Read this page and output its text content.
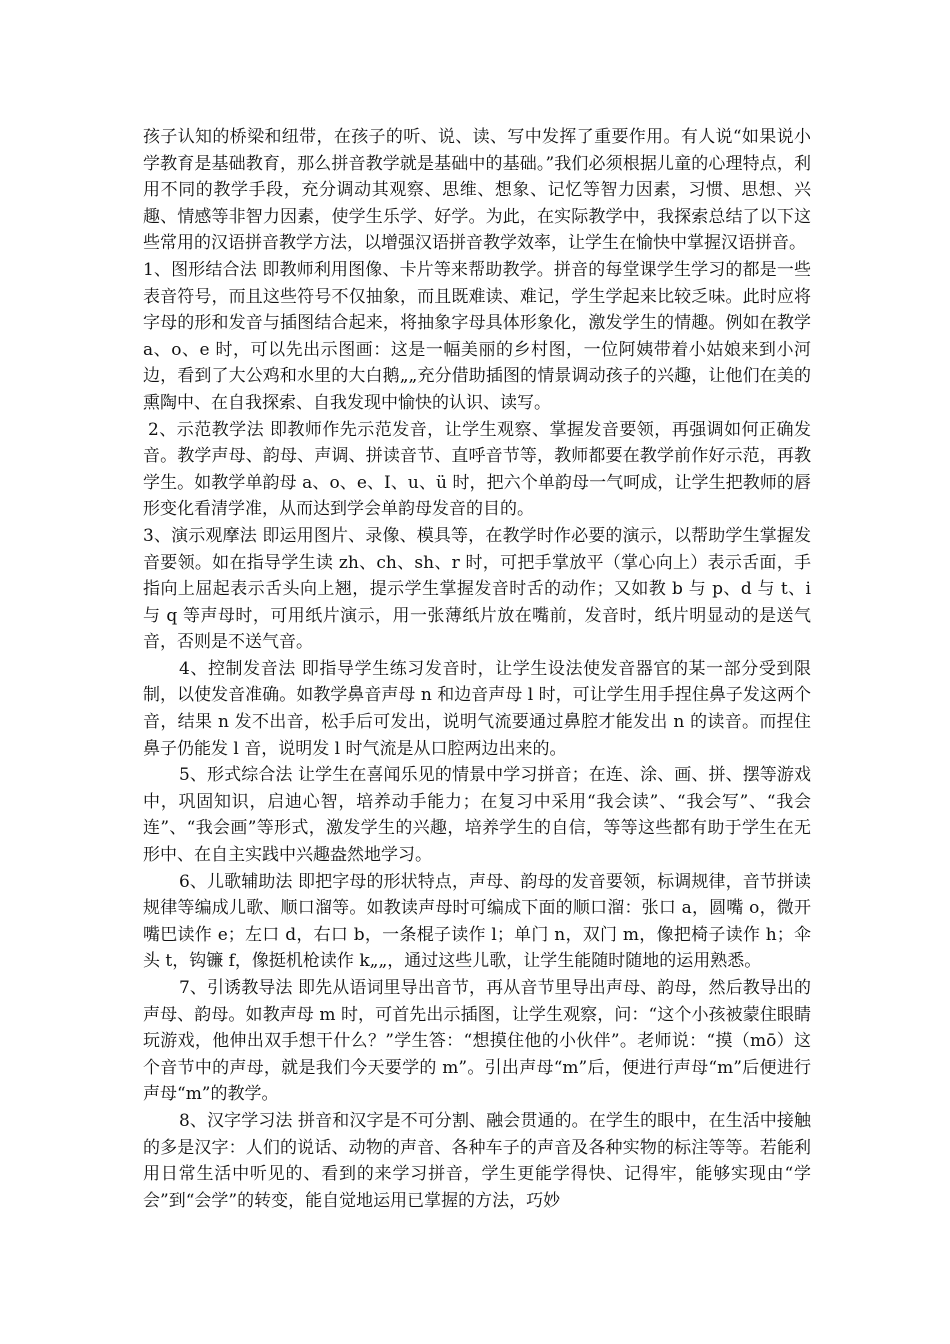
孩子认知的桥梁和纽带，在孩子的听、说、读、写中发挥了重要作用。有人说“如果说小学教育是基础教育，那么拼音教学就是基础中的基础。”我们必须根据儿童的心理特点，利用不同的教学手段，充分调动其观察、思维、想象、记忆等智力因素，习惯、思想、兴趣、情感等非智力因素，使学生乐学、好学。为此，在实际教学中，我探索总结了以下这些常用的汉语拼音教学方法，以增强汉语拼音教学效率，让学生在愉快中掌握汉语拼音。

1、图形结合法 即教师利用图像、卡片等来帮助教学。拼音的每堂课学生学习的都是一些表音符号，而且这些符号不仅抽象，而且既难读、难记，学生学起来比较乏味。此时应将字母的形和发音与插图结合起来，将抽象字母具体形象化，激发学生的情趣。例如在教学 a、o、e 时，可以先出示图画：这是一幅美丽的乡村图，一位阿姨带着小姑娘来到小河边，看到了大公鸡和水里的大白鹅„„充分借助插图的情景调动孩子的兴趣，让他们在美的熏陶中、在自我探索、自我发现中愉快的认识、读写。

2、示范教学法 即教师作先示范发音，让学生观察、掌握发音要领，再强调如何正确发音。教学声母、韵母、声调、拼读音节、直呼音节等，教师都要在教学前作好示范，再教学生。如教学单韵母 a、o、e、I、u、ü 时，把六个单韵母一气呵成，让学生把教师的唇形变化看清学准，从而达到学会单韵母发音的目的。

3、演示观摩法 即运用图片、录像、模具等，在教学时作必要的演示，以帮助学生掌握发音要领。如在指导学生读 zh、ch、sh、r 时，可把手掌放平（掌心向上）表示舌面，手指向上屈起表示舌头向上翘，提示学生掌握发音时舌的动作；又如教 b 与 p、d 与 t、i 与 q 等声母时，可用纸片演示，用一张薄纸片放在嘴前，发音时，纸片明显动的是送气音，否则是不送气音。

4、控制发音法 即指导学生练习发音时，让学生设法使发音器官的某一部分受到限制，以使发音准确。如教学鼻音声母 n 和边音声母 l 时，可让学生用手捏住鼻子发这两个音，结果 n 发不出音，松手后可发出，说明气流要通过鼻腔才能发出 n 的读音。而捏住鼻子仍能发 l 音，说明发 l 时气流是从口腔两边出来的。

5、形式综合法 让学生在喜闻乐见的情景中学习拼音；在连、涂、画、拼、摆等游戏中，巩固知识，启迪心智，培养动手能力；在复习中采用“我会读”、“我会写”、“我会连”、“我会画”等形式，激发学生的兴趣，培养学生的自信，等等这些都有助于学生在无形中、在自主实践中兴趣盎然地学习。

6、儿歌辅助法 即把字母的形状特点，声母、韵母的发音要领，标调规律，音节拼读规律等编成儿歌、顺口溜等。如教读声母时可编成下面的顺口溜：张口 a，圆嘴 o，微开嘴巴读作 e；左口 d，右口 b，一条棍子读作 l；单门 n，双门 m，像把椅子读作 h；伞头 t，钩镰 f，像挺机枪读作 k„„，通过这些儿歌，让学生能随时随地的运用熟悉。

7、引诱教导法 即先从语词里导出音节，再从音节里导出声母、韵母，然后教导出的声母、韵母。如教声母 m 时，可首先出示插图，让学生观察，问：“这个小孩被蒙住眼睛玩游戏，他伸出双手想干什么？”学生答：“想摸住他的小伙伴”。老师说：“摸（mō）这个音节中的声母，就是我们今天要学的 m”。引出声母“m”后，便进行声母“m”后便进行声母“m”的教学。

8、汉字学习法 拼音和汉字是不可分割、融会贯通的。在学生的眼中，在生活中接触的多是汉字：人们的说话、动物的声音、各种车子的声音及各种实物的标注等等。若能利用日常生活中听见的、看到的来学习拼音，学生更能学得快、记得牢，能够实现由“学会”到“会学”的转变，能自觉地运用已掌握的方法，巧妙
